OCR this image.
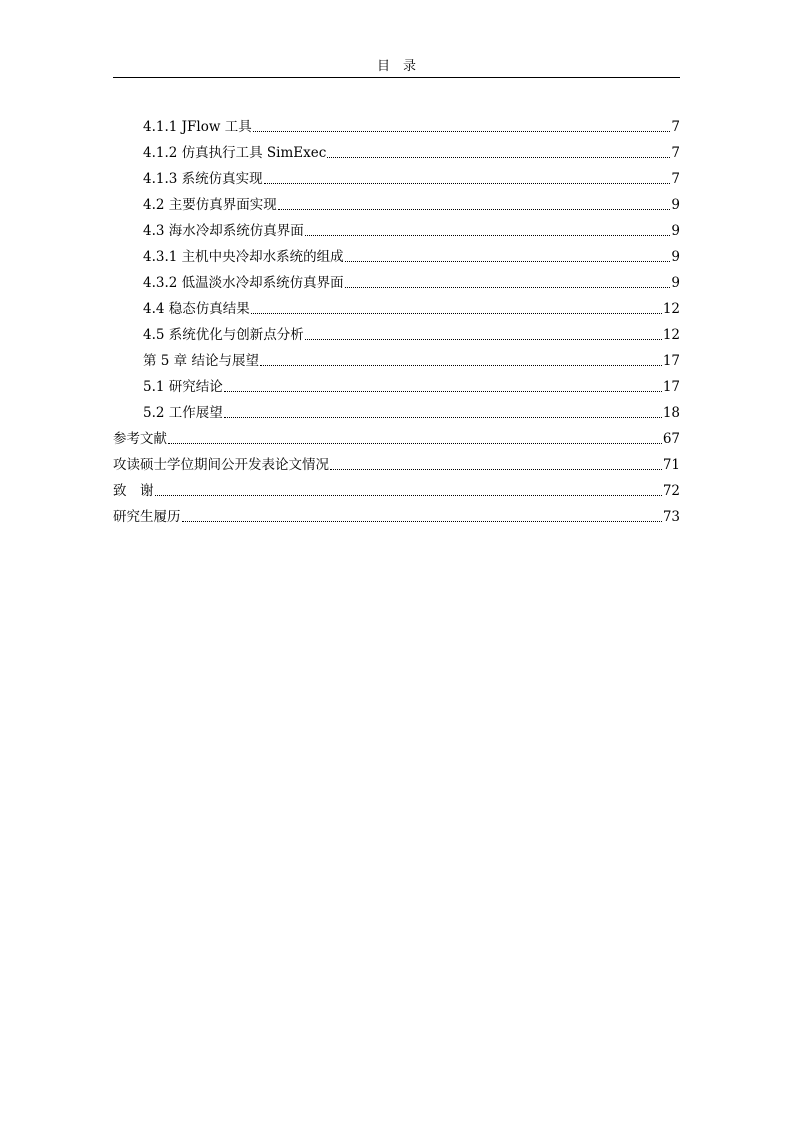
目　录
4.1.1 JFlow 工具	7
4.1.2 仿真执行工具 SimExec	7
4.1.3 系统仿真实现	7
4.2 主要仿真界面实现	9
4.3 海水冷却系统仿真界面	9
4.3.1 主机中央冷却水系统的组成	9
4.3.2 低温淡水冷却系统仿真界面	9
4.4 稳态仿真结果	12
4.5 系统优化与创新点分析	12
第 5 章 结论与展望	17
5.1 研究结论	17
5.2 工作展望	18
参考文献	67
攻读硕士学位期间公开发表论文情况	71
致　谢	72
研究生履历	73
